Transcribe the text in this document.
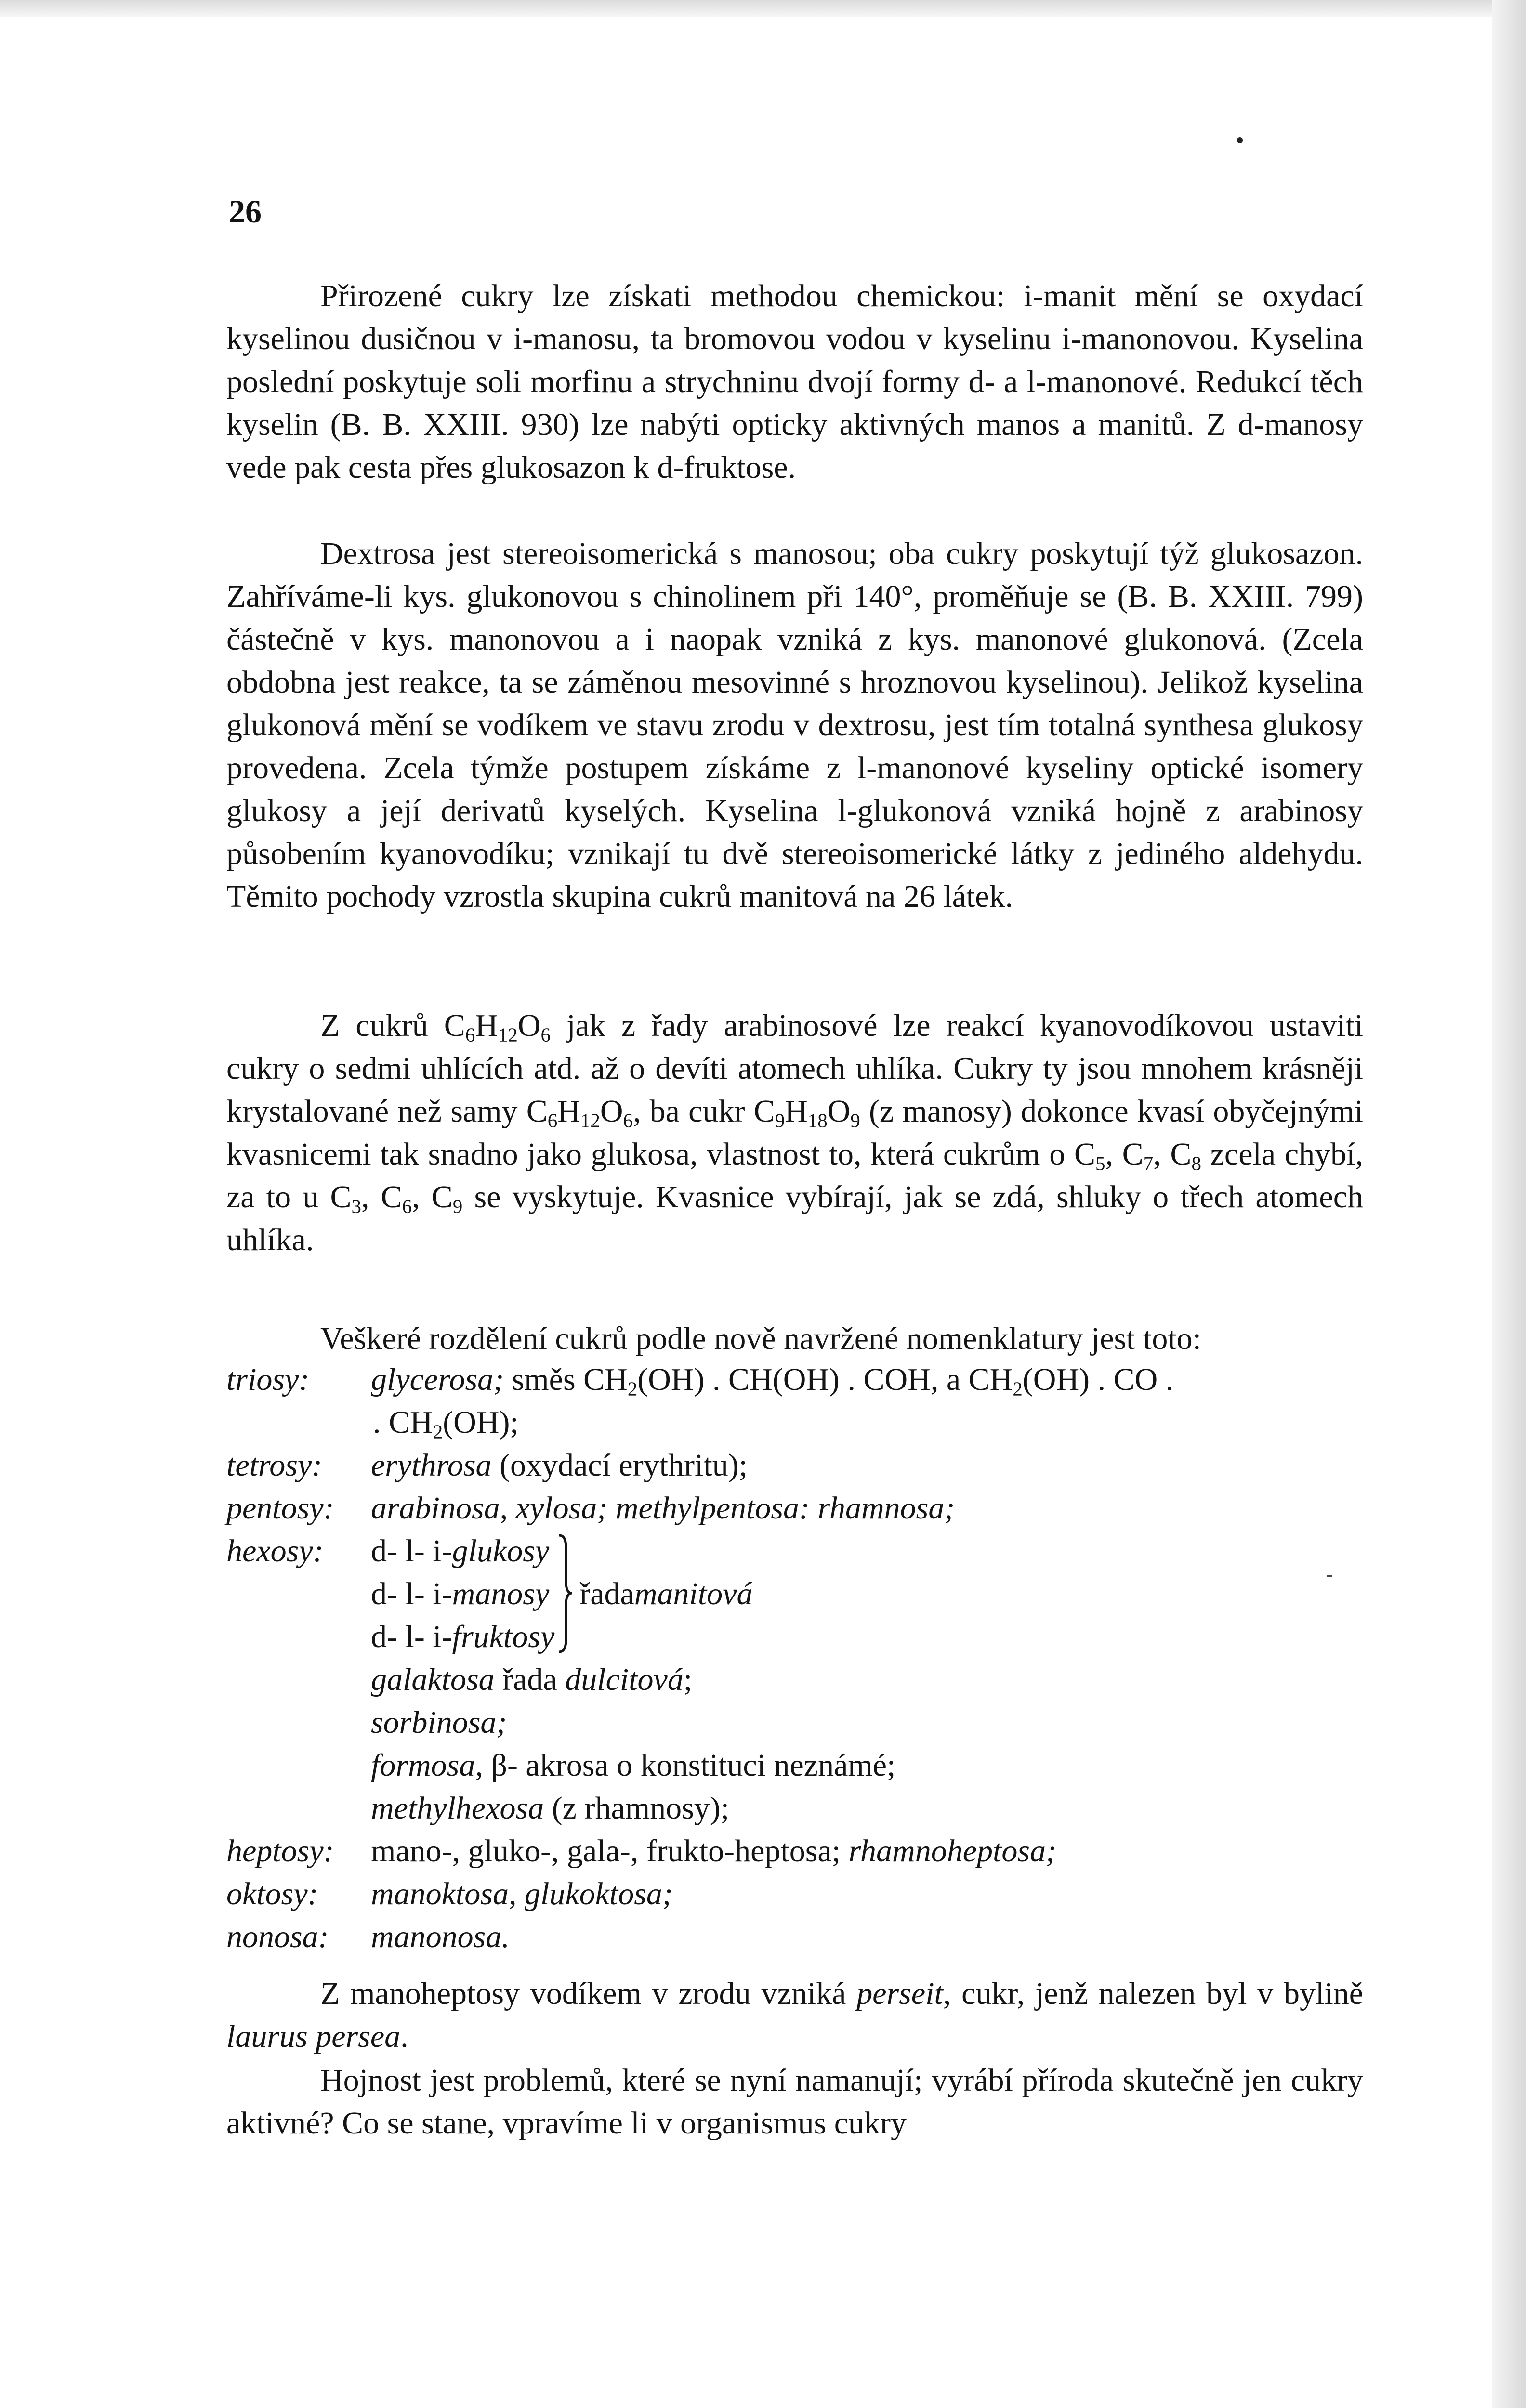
26

Přirozené cukry lze získati methodou chemickou: i-manit mění se oxydací kyselinou dusičnou v i-manosu, ta bromovou vodou v kyselinu i-manonovou. Kyselina poslední poskytuje soli morfinu a strychninu dvojí formy d- a l-manonové. Redukcí těch kyselin (B. B. XXIII. 930) lze nabýti opticky aktivných manos a manitů. Z d-manosy vede pak cesta přes glukosazon k d-fruktose.

Dextrosa jest stereoisomerická s manosou; oba cukry poskytují týž glukosazon. Zahříváme-li kys. glukonovou s chinolinem při 140°, proměňuje se (B. B. XXIII. 799) částečně v kys. manonovou a i naopak vzniká z kys. manonové glukonová. (Zcela obdobna jest reakce, ta se záměnou mesovinné s hroznovou kyselinou). Jelikož kyselina glukonová mění se vodíkem ve stavu zrodu v dextrosu, jest tím totalná synthesa glukosy provedena. Zcela týmže postupem získáme z l-manonové kyseliny optické isomery glukosy a její derivatů kyselých. Kyselina l-glukonová vzniká hojně z arabinosy působením kyanovodíku; vznikají tu dvě stereoisomerické látky z jediného aldehydu. Těmito pochody vzrostla skupina cukrů manitová na 26 látek.

Z cukrů $C_6H_{12}O_6$ jak z řady arabinosové lze reakcí kyanovodíkovou ustaviti cukry o sedmi uhlících atd. až o devíti atomech uhlíka. Cukry ty jsou mnohem krásněji krystalované než samy $C_6H_{12}O_6$, ba cukr $C_9H_{18}O_9$ (z manosy) dokonce kvasí obyčejnými kvasnicemi tak snadno jako glukosa, vlastnost to, která cukrům o $C_5$, $C_7$, $C_8$ zcela chybí, za to u $C_3$, $C_6$, $C_9$ se vyskytuje. Kvasnice vybírají, jak se zdá, shluky o třech atomech uhlíka.

Veškeré rozdělení cukrů podle nově navržené nomenklatury jest toto:

triosy:	glycerosa; směs $CH_2(OH)$ . CH(OH) . COH, a $CH_2(OH)$ . CO .
. $CH_2(OH)$;
tetrosy:	erythrosa (oxydací erythritu);
pentosy:	arabinosa, xylosa; methylpentosa: rhamnosa;
hexosy:	d- l- i-glukosy
d- l- i-manosy
d- l- i-fruktosy
řada manitová
galaktosa řada dulcitová;
sorbinosa;
formosa, β- akrosa o konstituci neznámé;
methylhexosa (z rhamnosy);
heptosy:	mano-, gluko-, gala-, frukto-heptosa; rhamnoheptosa;
oktosy:	manoktosa, glukoktosa;
nonosa:	manonosa.

Z manoheptosy vodíkem v zrodu vzniká perseit, cukr, jenž nalezen byl v bylině laurus persea.

Hojnost jest problemů, které se nyní namanují; vyrábí příroda skutečně jen cukry aktivné? Co se stane, vpravíme li v organismus cukry
